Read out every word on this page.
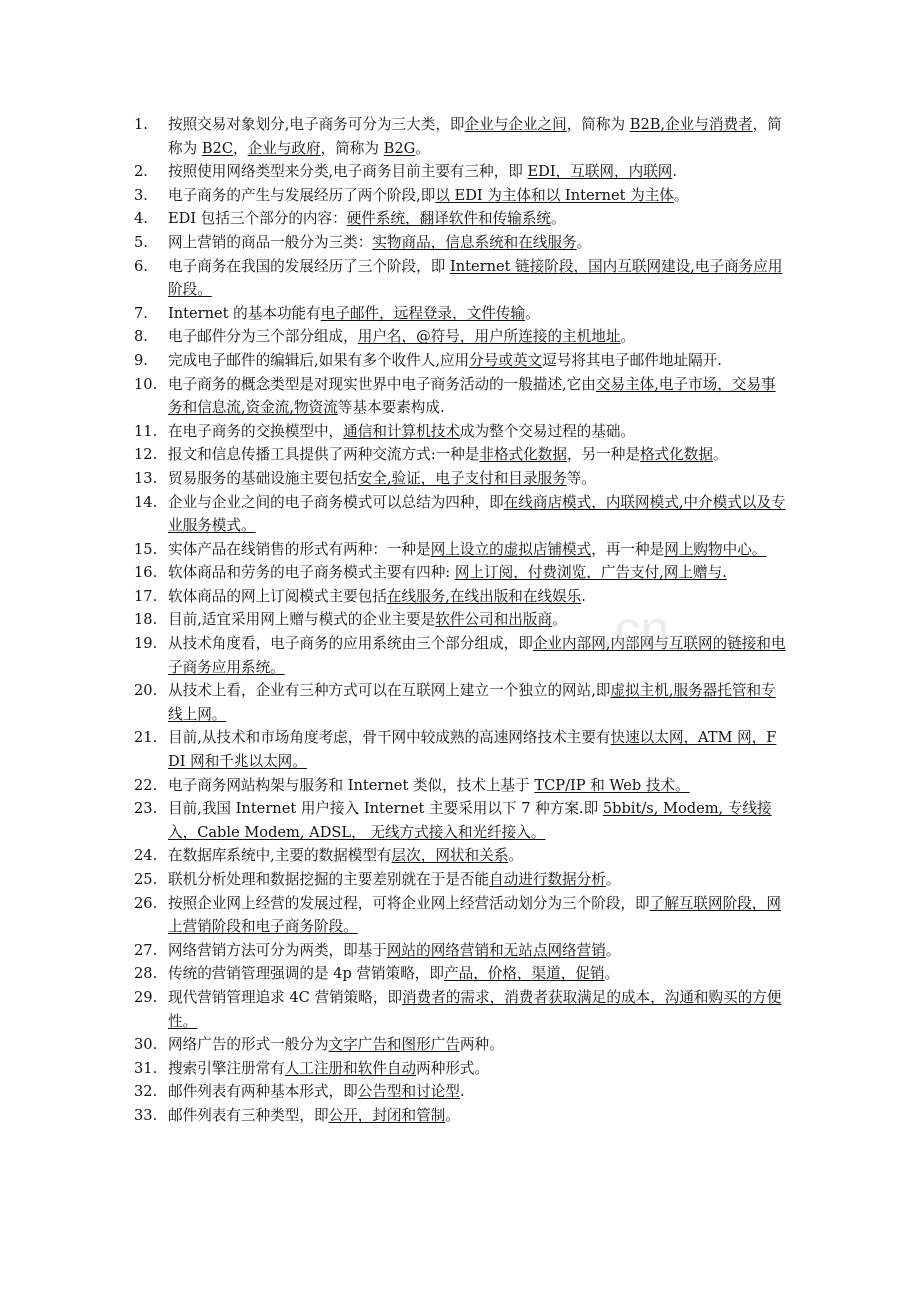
1.	按照交易对象划分,电子商务可分为三大类，即企业与企业之间，简称为 B2B,企业与消费者，简称为 B2C，企业与政府，简称为 B2G。
2.	按照使用网络类型来分类,电子商务目前主要有三种，即 EDI，互联网，内联网.
3.	电子商务的产生与发展经历了两个阶段,即以 EDI 为主体和以 Internet 为主体。
4.	EDI 包括三个部分的内容：硬件系统，翻译软件和传输系统。
5.	网上营销的商品一般分为三类：实物商品，信息系统和在线服务。
6.	电子商务在我国的发展经历了三个阶段，即 Internet 链接阶段，国内互联网建设,电子商务应用阶段。
7.	Internet 的基本功能有电子邮件，远程登录，文件传输。
8.	电子邮件分为三个部分组成，用户名，@符号，用户所连接的主机地址。
9.	完成电子邮件的编辑后,如果有多个收件人,应用分号或英文逗号将其电子邮件地址隔开.
10. 电子商务的概念类型是对现实世界中电子商务活动的一般描述,它由交易主体,电子市场，交易事务和信息流,资金流,物资流等基本要素构成.
11. 在电子商务的交换模型中，通信和计算机技术成为整个交易过程的基础。
12. 报文和信息传播工具提供了两种交流方式:一种是非格式化数据，另一种是格式化数据。
13. 贸易服务的基础设施主要包括安全,验证，电子支付和目录服务等。
14. 企业与企业之间的电子商务模式可以总结为四种，即在线商店模式，内联网模式,中介模式以及专业服务模式。
15. 实体产品在线销售的形式有两种：一种是网上设立的虚拟店铺模式，再一种是网上购物中心。
16. 软体商品和劳务的电子商务模式主要有四种: 网上订阅，付费浏览，广告支付,网上赠与.
17. 软体商品的网上订阅模式主要包括在线服务,在线出版和在线娱乐.
18. 目前,适宜采用网上赠与模式的企业主要是软件公司和出版商。
19. 从技术角度看，电子商务的应用系统由三个部分组成，即企业内部网,内部网与互联网的链接和电子商务应用系统。
20. 从技术上看，企业有三种方式可以在互联网上建立一个独立的网站,即虚拟主机,服务器托管和专线上网。
21. 目前,从技术和市场角度考虑，骨干网中较成熟的高速网络技术主要有快速以太网，ATM 网，FDI 网和千兆以太网。
22. 电子商务网站构架与服务和 Internet 类似，技术上基于 TCP/IP 和 Web 技术。
23. 目前,我国 Internet 用户接入 Internet 主要采用以下 7 种方案.即 5bbit/s, Modem, 专线接入，Cable Modem, ADSL， 无线方式接入和光纤接入。
24. 在数据库系统中,主要的数据模型有层次，网状和关系。
25. 联机分析处理和数据挖掘的主要差别就在于是否能自动进行数据分析。
26. 按照企业网上经营的发展过程，可将企业网上经营活动划分为三个阶段，即了解互联网阶段，网上营销阶段和电子商务阶段。
27. 网络营销方法可分为两类，即基于网站的网络营销和无站点网络营销。
28. 传统的营销管理强调的是 4p 营销策略，即产品，价格，渠道，促销。
29. 现代营销管理追求 4C 营销策略，即消费者的需求，消费者获取满足的成本，沟通和购买的方便性。
30. 网络广告的形式一般分为文字广告和图形广告两种。
31. 搜索引擎注册常有人工注册和软件自动两种形式。
32. 邮件列表有两种基本形式，即公告型和讨论型.
33. 邮件列表有三种类型，即公开，封闭和管制。
.cn
